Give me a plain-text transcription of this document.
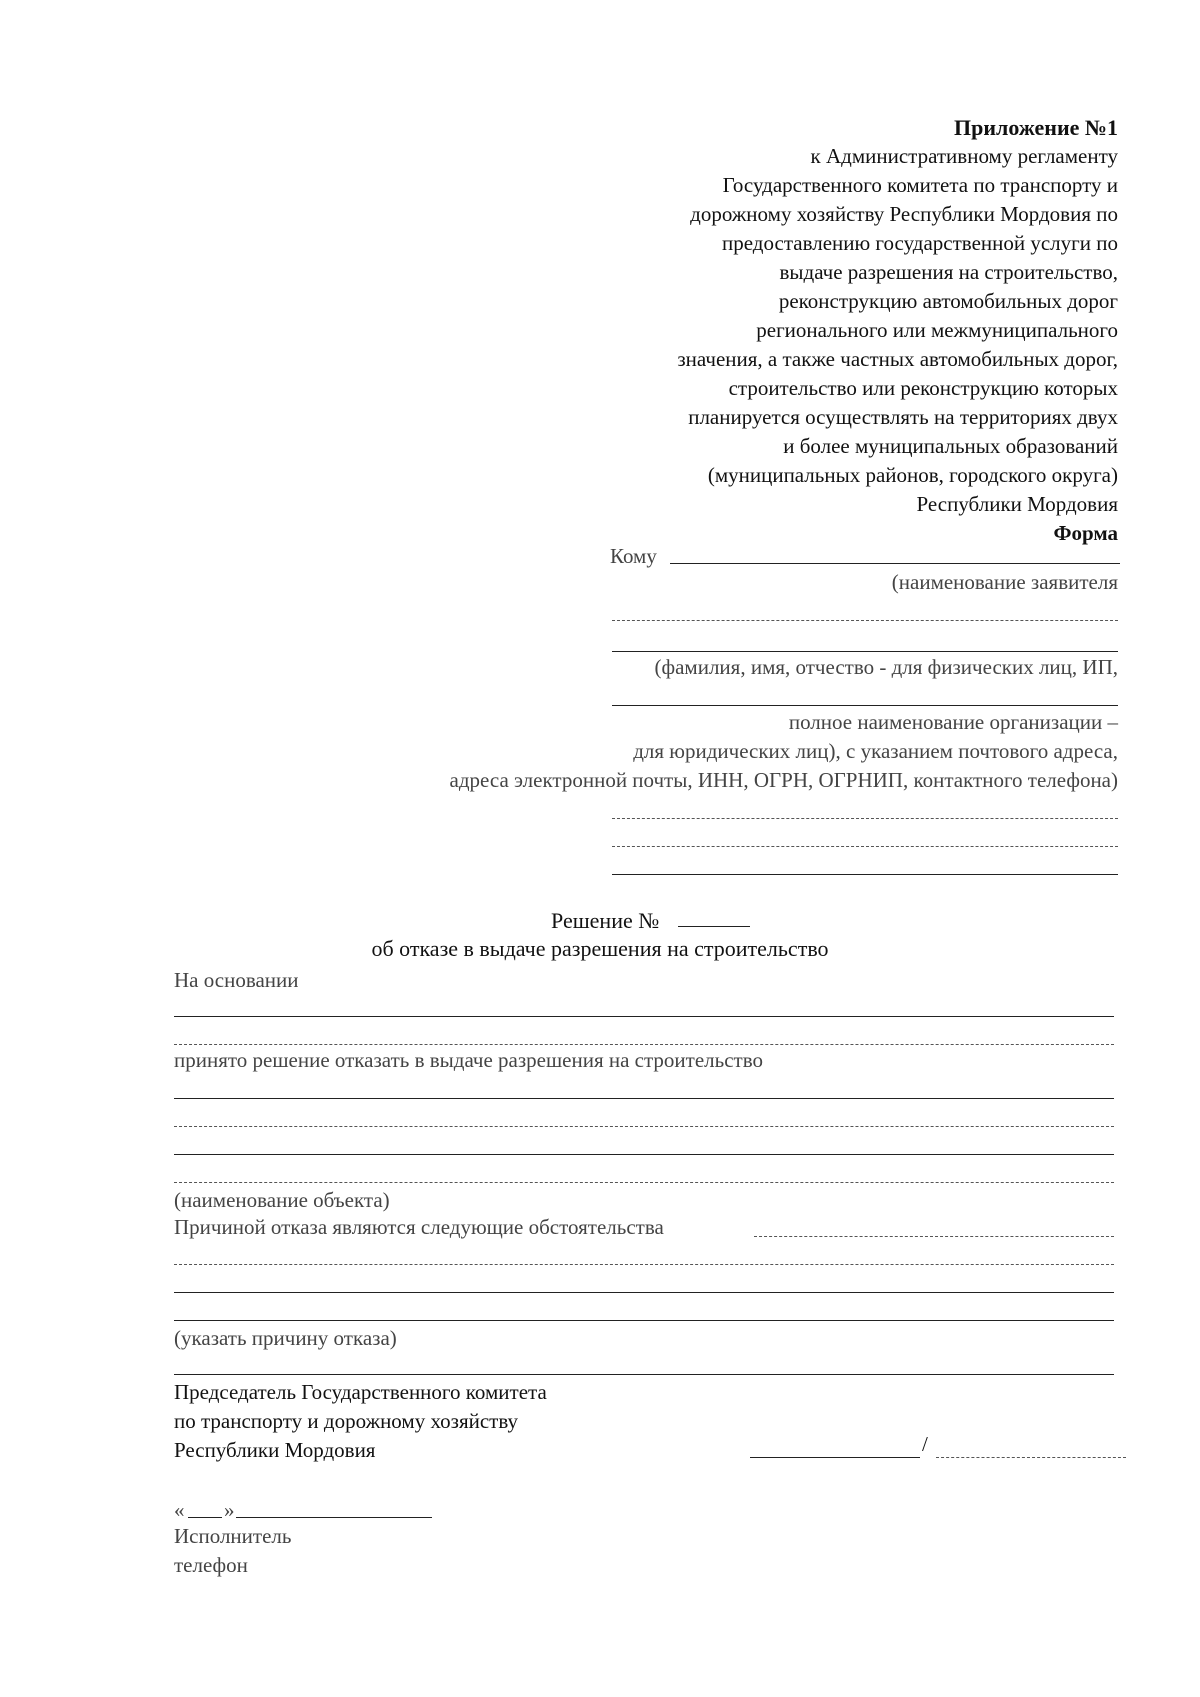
Приложение №1
к Административному регламенту
Государственного комитета по транспорту и
дорожному хозяйству Республики Мордовия по
предоставлению государственной услуги по
выдаче разрешения на строительство,
реконструкцию автомобильных дорог
регионального или межмуниципального
значения, а также частных автомобильных дорог,
строительство или реконструкцию которых
планируется осуществлять на территориях двух
и более муниципальных образований
(муниципальных районов, городского округа)
Республики Мордовия
Форма
Кому
(наименование заявителя
(фамилия, имя, отчество - для физических лиц, ИП,
полное наименование организации –
для юридических лиц), с указанием почтового адреса,
адреса электронной почты, ИНН, ОГРН, ОГРНИП, контактного телефона)
Решение №
об отказе в выдаче разрешения на строительство
На основании
принято решение отказать в выдаче разрешения на строительство
(наименование объекта)
Причиной отказа являются следующие обстоятельства
(указать причину отказа)
Председатель Государственного комитета
по транспорту и дорожному хозяйству
Республики Мордовия	/
« »
Исполнитель
телефон
